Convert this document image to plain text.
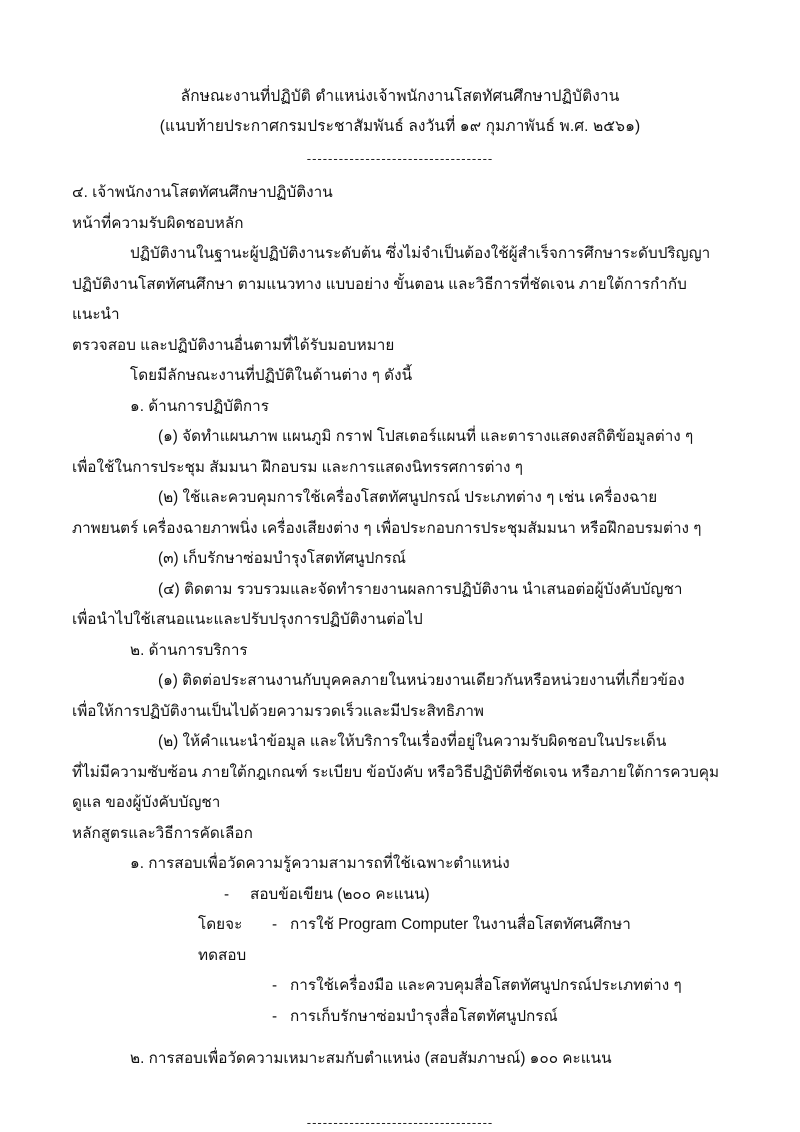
ลักษณะงานที่ปฏิบัติ ตำแหน่งเจ้าพนักงานโสตทัศนศึกษาปฏิบัติงาน
(แนบท้ายประกาศกรมประชาสัมพันธ์ ลงวันที่ ๑๙ กุมภาพันธ์ พ.ศ. ๒๕๖๑)
-----------------------------------

๔. เจ้าพนักงานโสตทัศนศึกษาปฏิบัติงาน

หน้าที่ความรับผิดชอบหลัก

ปฏิบัติงานในฐานะผู้ปฏิบัติงานระดับต้น ซึ่งไม่จำเป็นต้องใช้ผู้สำเร็จการศึกษาระดับปริญญา

ปฏิบัติงานโสตทัศนศึกษา ตามแนวทาง แบบอย่าง ขั้นตอน และวิธีการที่ชัดเจน ภายใต้การกำกับ แนะนำ

ตรวจสอบ และปฏิบัติงานอื่นตามที่ได้รับมอบหมาย

โดยมีลักษณะงานที่ปฏิบัติในด้านต่าง ๆ ดังนี้

๑. ด้านการปฏิบัติการ

(๑) จัดทำแผนภาพ แผนภูมิ กราฟ โปสเตอร์แผนที่ และตารางแสดงสถิติข้อมูลต่าง ๆ

เพื่อใช้ในการประชุม สัมมนา ฝึกอบรม และการแสดงนิทรรศการต่าง ๆ

(๒) ใช้และควบคุมการใช้เครื่องโสตทัศนูปกรณ์ ประเภทต่าง ๆ เช่น เครื่องฉาย

ภาพยนตร์ เครื่องฉายภาพนิ่ง เครื่องเสียงต่าง ๆ เพื่อประกอบการประชุมสัมมนา หรือฝึกอบรมต่าง ๆ

(๓) เก็บรักษาซ่อมบำรุงโสตทัศนูปกรณ์

(๔) ติดตาม รวบรวมและจัดทำรายงานผลการปฏิบัติงาน นำเสนอต่อผู้บังคับบัญชา

เพื่อนำไปใช้เสนอแนะและปรับปรุงการปฏิบัติงานต่อไป

๒. ด้านการบริการ

(๑) ติดต่อประสานงานกับบุคคลภายในหน่วยงานเดียวกันหรือหน่วยงานที่เกี่ยวข้อง

เพื่อให้การปฏิบัติงานเป็นไปด้วยความรวดเร็วและมีประสิทธิภาพ

(๒) ให้คำแนะนำข้อมูล และให้บริการในเรื่องที่อยู่ในความรับผิดชอบในประเด็น

ที่ไม่มีความซับซ้อน ภายใต้กฎเกณฑ์ ระเบียบ ข้อบังคับ หรือวิธีปฏิบัติที่ชัดเจน หรือภายใต้การควบคุม

ดูแล ของผู้บังคับบัญชา

หลักสูตรและวิธีการคัดเลือก

๑. การสอบเพื่อวัดความรู้ความสามารถที่ใช้เฉพาะตำแหน่ง

-	สอบข้อเขียน (๒๐๐ คะแนน)
โดยจะทดสอบ
- การใช้ Program Computer ในงานสื่อโสตทัศนศึกษา
- การใช้เครื่องมือ และควบคุมสื่อโสตทัศนูปกรณ์ประเภทต่าง ๆ
- การเก็บรักษาซ่อมบำรุงสื่อโสตทัศนูปกรณ์

๒. การสอบเพื่อวัดความเหมาะสมกับตำแหน่ง (สอบสัมภาษณ์) ๑๐๐ คะแนน

-----------------------------------
